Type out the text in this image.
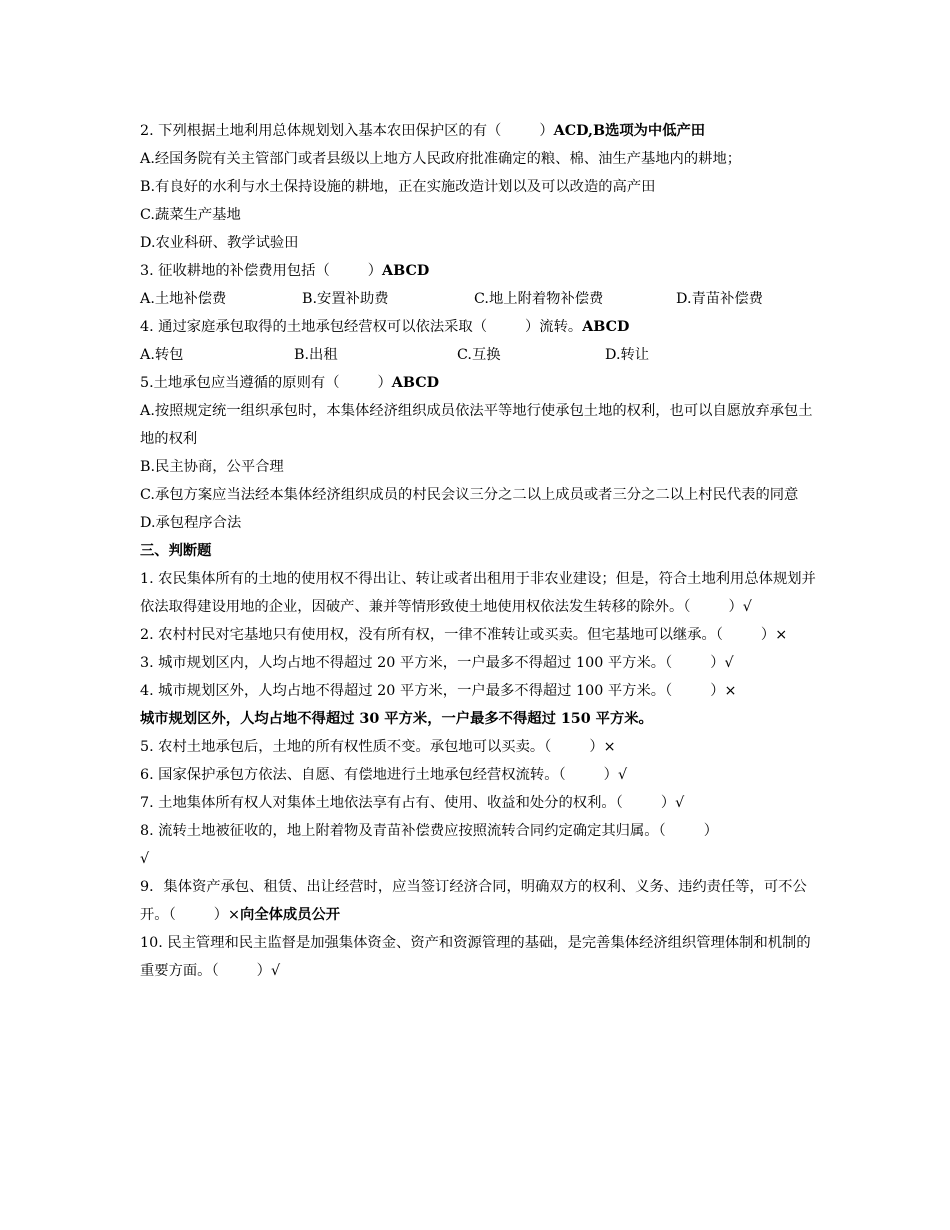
2. 下列根据土地利用总体规划划入基本农田保护区的有（	）ACD,B选项为中低产田
A.经国务院有关主管部门或者县级以上地方人民政府批准确定的粮、棉、油生产基地内的耕地；
B.有良好的水利与水土保持设施的耕地，正在实施改造计划以及可以改造的高产田
C.蔬菜生产基地
D.农业科研、教学试验田
3. 征收耕地的补偿费用包括（	）ABCD
A.土地补偿费	B.安置补助费	C.地上附着物补偿费	D.青苗补偿费
4. 通过家庭承包取得的土地承包经营权可以依法采取（	）流转。ABCD
A.转包	B.出租	C.互换	D.转让
5.土地承包应当遵循的原则有（	）ABCD
A.按照规定统一组织承包时，本集体经济组织成员依法平等地行使承包土地的权利，也可以自愿放弃承包土地的权利
B.民主协商，公平合理
C.承包方案应当法经本集体经济组织成员的村民会议三分之二以上成员或者三分之二以上村民代表的同意
D.承包程序合法
三、判断题
1. 农民集体所有的土地的使用权不得出让、转让或者出租用于非农业建设；但是，符合土地利用总体规划并依法取得建设用地的企业，因破产、兼并等情形致使土地使用权依法发生转移的除外。（	）√
2. 农村村民对宅基地只有使用权，没有所有权，一律不准转让或买卖。但宅基地可以继承。（	）×
3. 城市规划区内，人均占地不得超过 20 平方米，一户最多不得超过 100 平方米。（	）√
4. 城市规划区外，人均占地不得超过 20 平方米，一户最多不得超过 100 平方米。（	）×
城市规划区外，人均占地不得超过 30 平方米，一户最多不得超过 150 平方米。
5. 农村土地承包后，土地的所有权性质不变。承包地可以买卖。（	）×
6. 国家保护承包方依法、自愿、有偿地进行土地承包经营权流转。（	）√
7. 土地集体所有权人对集体土地依法享有占有、使用、收益和处分的权利。（	）√
8. 流转土地被征收的，地上附着物及青苗补偿费应按照流转合同约定确定其归属。（	）
√
9．集体资产承包、租赁、出让经营时，应当签订经济合同，明确双方的权利、义务、违约责任等，可不公开。（	）×向全体成员公开
10. 民主管理和民主监督是加强集体资金、资产和资源管理的基础，是完善集体经济组织管理体制和机制的重要方面。（	）√
